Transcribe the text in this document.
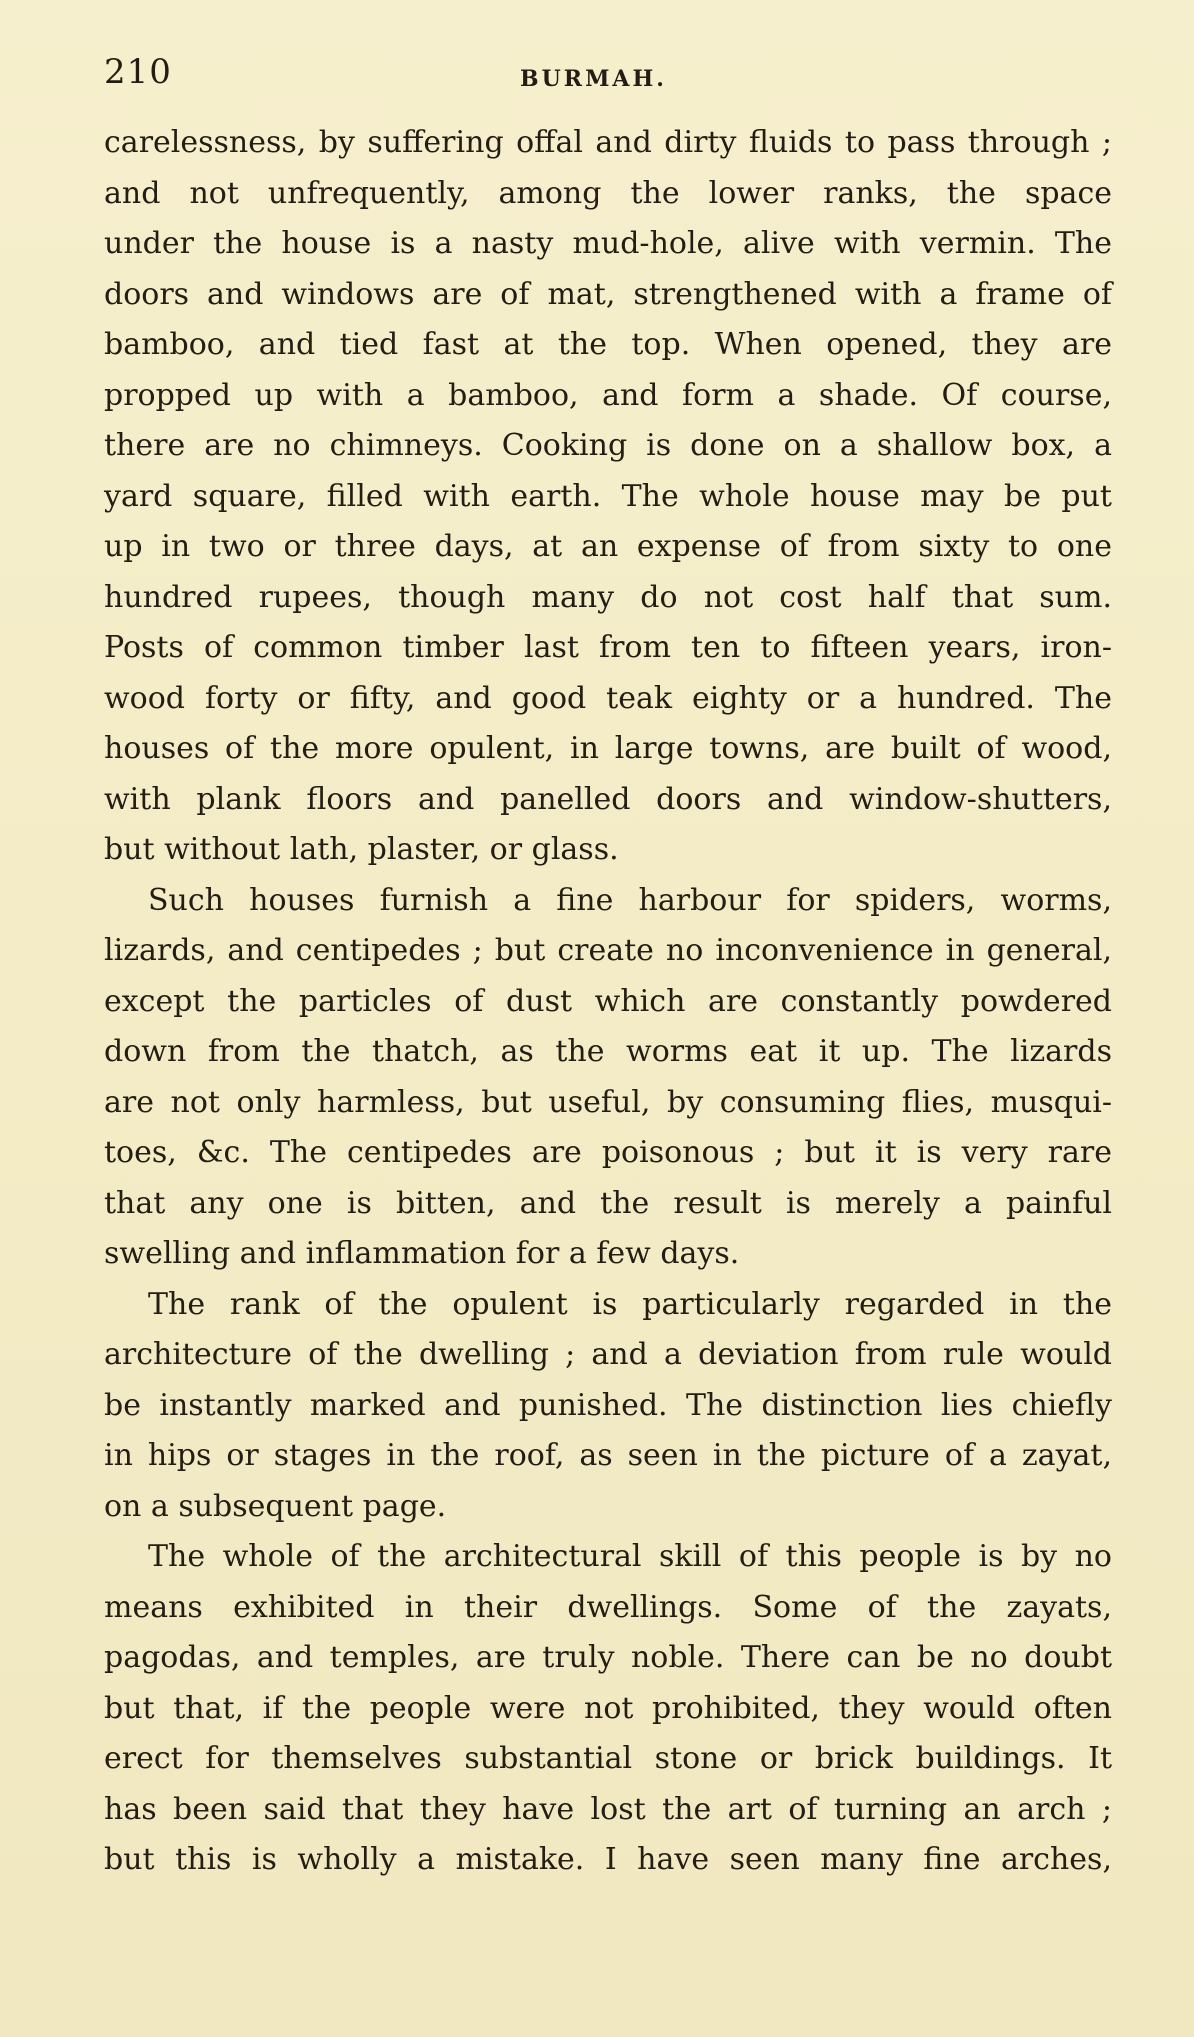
210	BURMAH.
carelessness, by suffering offal and dirty fluids to pass through ;
and not unfrequently, among the lower ranks, the space
under the house is a nasty mud-hole, alive with vermin. The
doors and windows are of mat, strengthened with a frame of
bamboo, and tied fast at the top. When opened, they are
propped up with a bamboo, and form a shade. Of course,
there are no chimneys. Cooking is done on a shallow box, a
yard square, filled with earth. The whole house may be put
up in two or three days, at an expense of from sixty to one
hundred rupees, though many do not cost half that sum.
Posts of common timber last from ten to fifteen years, iron-
wood forty or fifty, and good teak eighty or a hundred. The
houses of the more opulent, in large towns, are built of wood,
with plank floors and panelled doors and window-shutters,
but without lath, plaster, or glass.
Such houses furnish a fine harbour for spiders, worms,
lizards, and centipedes ; but create no inconvenience in general,
except the particles of dust which are constantly powdered
down from the thatch, as the worms eat it up. The lizards
are not only harmless, but useful, by consuming flies, musqui-
toes, &c. The centipedes are poisonous ; but it is very rare
that any one is bitten, and the result is merely a painful
swelling and inflammation for a few days.
The rank of the opulent is particularly regarded in the
architecture of the dwelling ; and a deviation from rule would
be instantly marked and punished. The distinction lies chiefly
in hips or stages in the roof, as seen in the picture of a zayat,
on a subsequent page.
The whole of the architectural skill of this people is by no
means exhibited in their dwellings. Some of the zayats,
pagodas, and temples, are truly noble. There can be no doubt
but that, if the people were not prohibited, they would often
erect for themselves substantial stone or brick buildings. It
has been said that they have lost the art of turning an arch ;
but this is wholly a mistake. I have seen many fine arches,
